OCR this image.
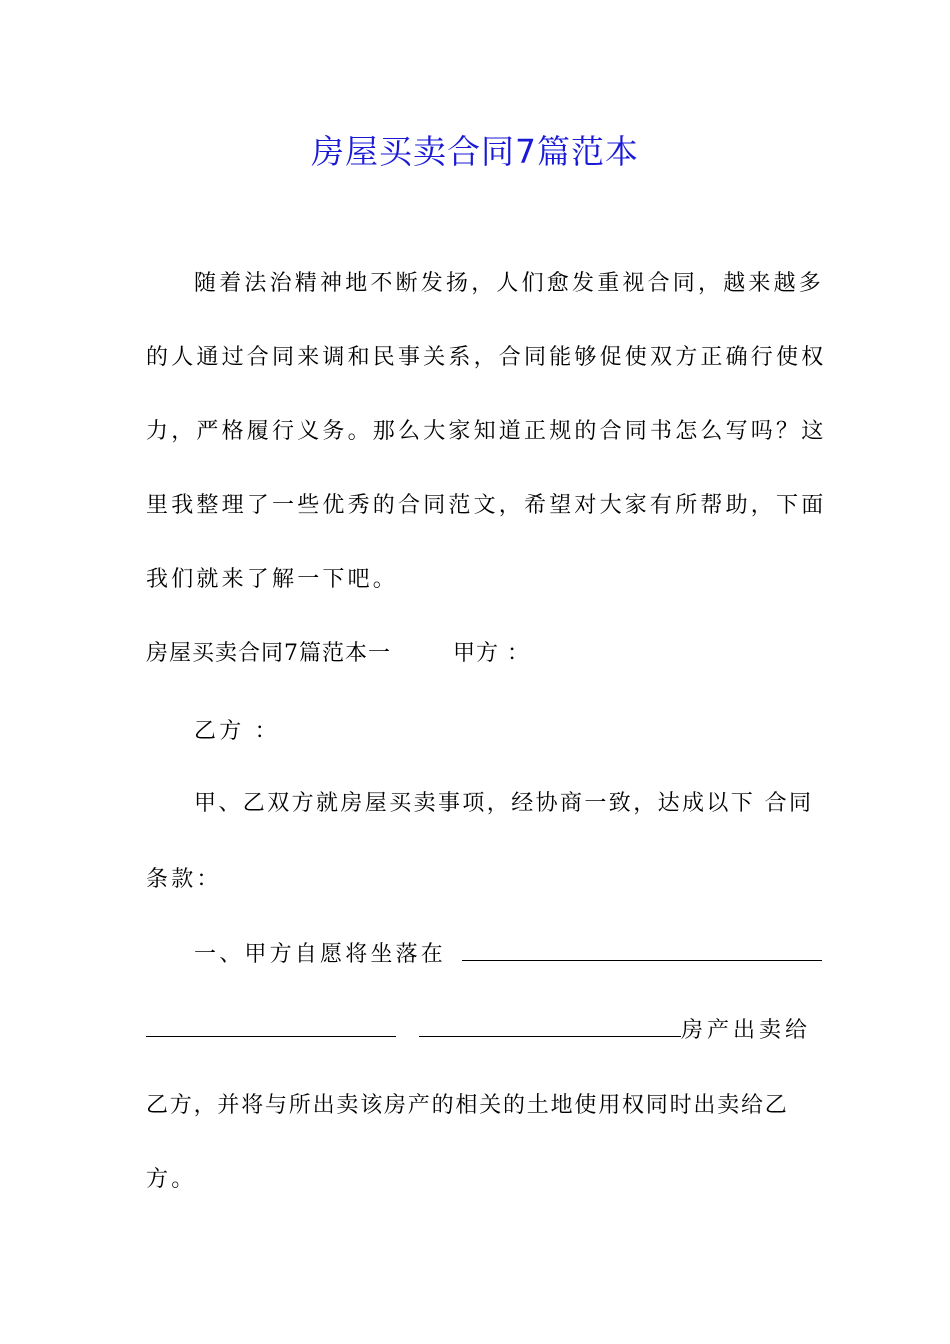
房屋买卖合同7篇范本
随着法治精神地不断发扬，人们愈发重视合同，越来越多
的人通过合同来调和民事关系，合同能够促使双方正确行使权
力，严格履行义务。那么大家知道正规的合同书怎么写吗？这
里我整理了一些优秀的合同范文，希望对大家有所帮助，下面
我们就来了解一下吧。
房屋买卖合同7篇范本一	甲方 ：
乙方 ：
甲、乙双方就房屋买卖事项，经协商一致，达成以下 合同
条款：
一、甲方自愿将坐落在
房产出卖给
乙方，并将与所出卖该房产的相关的土地使用权同时出卖给乙
方。
